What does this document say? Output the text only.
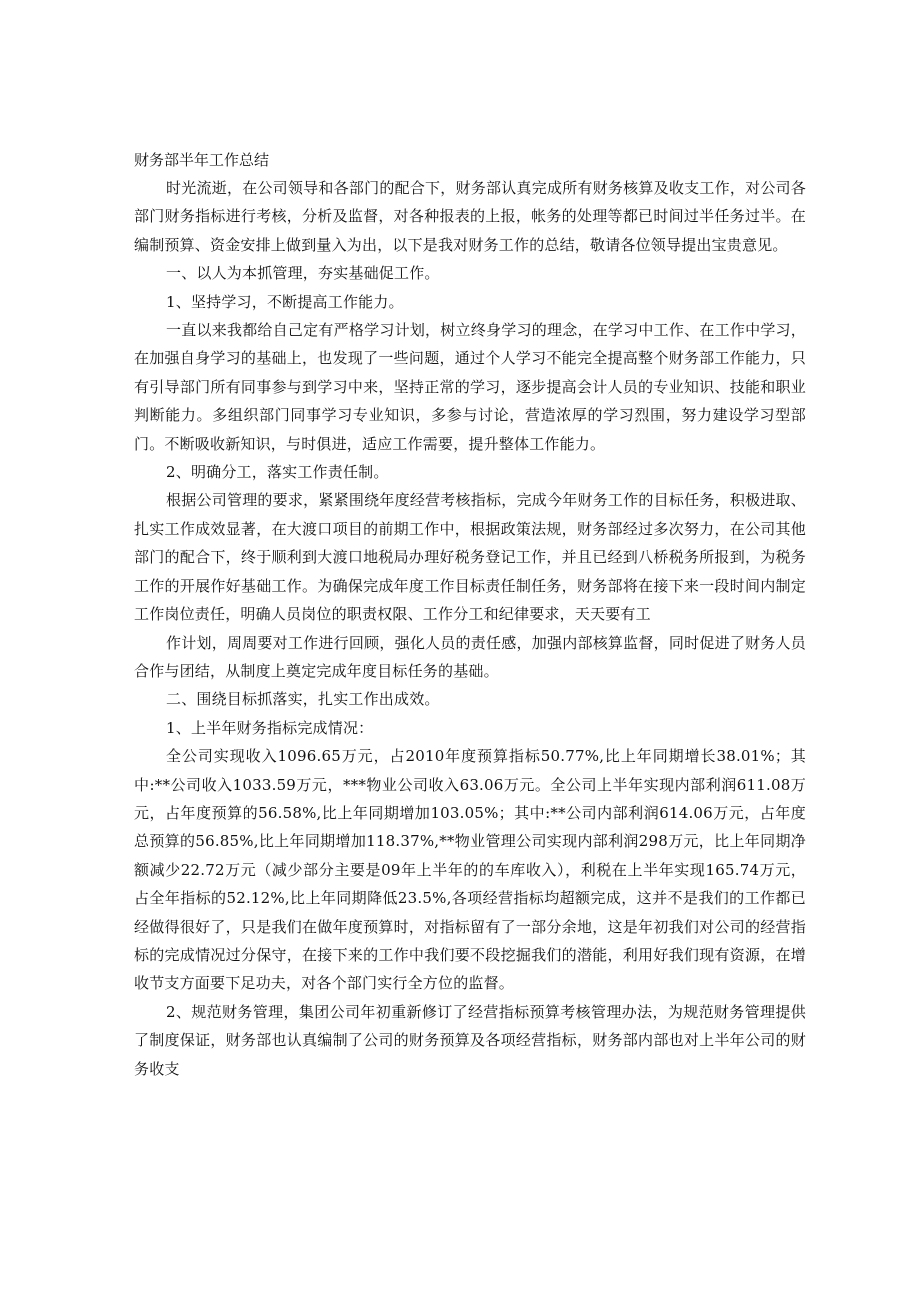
财务部半年工作总结

时光流逝，在公司领导和各部门的配合下，财务部认真完成所有财务核算及收支工作，对公司各部门财务指标进行考核，分析及监督，对各种报表的上报，帐务的处理等都已时间过半任务过半。在编制预算、资金安排上做到量入为出，以下是我对财务工作的总结，敬请各位领导提出宝贵意见。

一、以人为本抓管理，夯实基础促工作。

1、坚持学习，不断提高工作能力。

一直以来我都给自己定有严格学习计划，树立终身学习的理念，在学习中工作、在工作中学习，在加强自身学习的基础上，也发现了一些问题，通过个人学习不能完全提高整个财务部工作能力，只有引导部门所有同事参与到学习中来，坚持正常的学习，逐步提高会计人员的专业知识、技能和职业判断能力。多组织部门同事学习专业知识，多参与讨论，营造浓厚的学习烈围，努力建设学习型部门。不断吸收新知识，与时俱进，适应工作需要，提升整体工作能力。

2、明确分工，落实工作责任制。

根据公司管理的要求，紧紧围绕年度经营考核指标，完成今年财务工作的目标任务，积极进取、扎实工作成效显著，在大渡口项目的前期工作中，根据政策法规，财务部经过多次努力，在公司其他部门的配合下，终于顺利到大渡口地税局办理好税务登记工作，并且已经到八桥税务所报到，为税务工作的开展作好基础工作。为确保完成年度工作目标责任制任务，财务部将在接下来一段时间内制定工作岗位责任，明确人员岗位的职责权限、工作分工和纪律要求，天天要有工

作计划，周周要对工作进行回顾，强化人员的责任感，加强内部核算监督，同时促进了财务人员合作与团结，从制度上奠定完成年度目标任务的基础。

二、围绕目标抓落实，扎实工作出成效。

1、上半年财务指标完成情况：

全公司实现收入1096.65万元，占2010年度预算指标50.77%,比上年同期增长38.01%；其中:**公司收入1033.59万元，***物业公司收入63.06万元。全公司上半年实现内部利润611.08万元，占年度预算的56.58%,比上年同期增加103.05%；其中:**公司内部利润614.06万元，占年度总预算的56.85%,比上年同期增加118.37%,**物业管理公司实现内部利润298万元，比上年同期净额减少22.72万元（减少部分主要是09年上半年的的车库收入），利税在上半年实现165.74万元，占全年指标的52.12%,比上年同期降低23.5%,各项经营指标均超额完成，这并不是我们的工作都已经做得很好了，只是我们在做年度预算时，对指标留有了一部分余地，这是年初我们对公司的经营指标的完成情况过分保守，在接下来的工作中我们要不段挖掘我们的潜能，利用好我们现有资源，在增收节支方面要下足功夫，对各个部门实行全方位的监督。

2、规范财务管理，集团公司年初重新修订了经营指标预算考核管理办法，为规范财务管理提供了制度保证，财务部也认真编制了公司的财务预算及各项经营指标，财务部内部也对上半年公司的财务收支
